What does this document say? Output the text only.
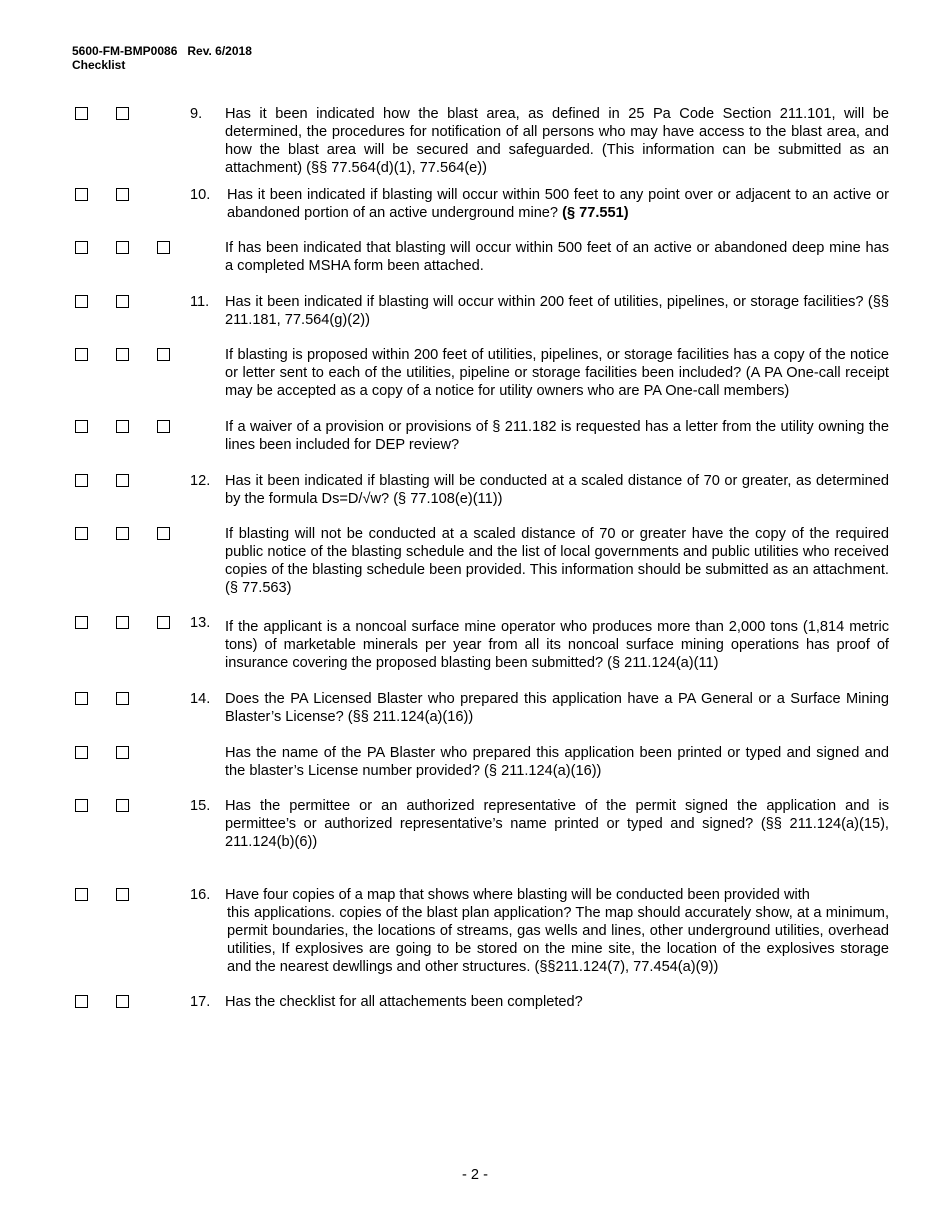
5600-FM-BMP0086 Rev. 6/2018
Checklist
9. Has it been indicated how the blast area, as defined in 25 Pa Code Section 211.101, will be determined, the procedures for notification of all persons who may have access to the blast area, and how the blast area will be secured and safeguarded. (This information can be submitted as an attachment) (§§ 77.564(d)(1), 77.564(e))
10. Has it been indicated if blasting will occur within 500 feet to any point over or adjacent to an active or abandoned portion of an active underground mine? (§ 77.551)
If has been indicated that blasting will occur within 500 feet of an active or abandoned deep mine has a completed MSHA form been attached.
11. Has it been indicated if blasting will occur within 200 feet of utilities, pipelines, or storage facilities? (§§ 211.181, 77.564(g)(2))
If blasting is proposed within 200 feet of utilities, pipelines, or storage facilities has a copy of the notice or letter sent to each of the utilities, pipeline or storage facilities been included? (A PA One-call receipt may be accepted as a copy of a notice for utility owners who are PA One-call members)
If a waiver of a provision or provisions of § 211.182 is requested has a letter from the utility owning the lines been included for DEP review?
12. Has it been indicated if blasting will be conducted at a scaled distance of 70 or greater, as determined by the formula Ds=D/√w? (§ 77.108(e)(11))
If blasting will not be conducted at a scaled distance of 70 or greater have the copy of the required public notice of the blasting schedule and the list of local governments and public utilities who received copies of the blasting schedule been provided. This information should be submitted as an attachment. (§ 77.563)
13. If the applicant is a noncoal surface mine operator who produces more than 2,000 tons (1,814 metric tons) of marketable minerals per year from all its noncoal surface mining operations has proof of insurance covering the proposed blasting been submitted? (§ 211.124(a)(11)
14. Does the PA Licensed Blaster who prepared this application have a PA General or a Surface Mining Blaster’s License? (§§ 211.124(a)(16))
Has the name of the PA Blaster who prepared this application been printed or typed and signed and the blaster’s License number provided? (§ 211.124(a)(16))
15. Has the permittee or an authorized representative of the permit signed the application and is permittee’s or authorized representative’s name printed or typed and signed? (§§ 211.124(a)(15), 211.124(b)(6))
16. Have four copies of a map that shows where blasting will be conducted been provided with
this applications. copies of the blast plan application? The map should accurately show, at a minimum, permit boundaries, the locations of streams, gas wells and lines, other underground utilities, overhead utilities, If explosives are going to be stored on the mine site, the location of the explosives storage and the nearest dewllings and other structures. (§§211.124(7), 77.454(a)(9))
17. Has the checklist for all attachements been completed?
- 2 -
